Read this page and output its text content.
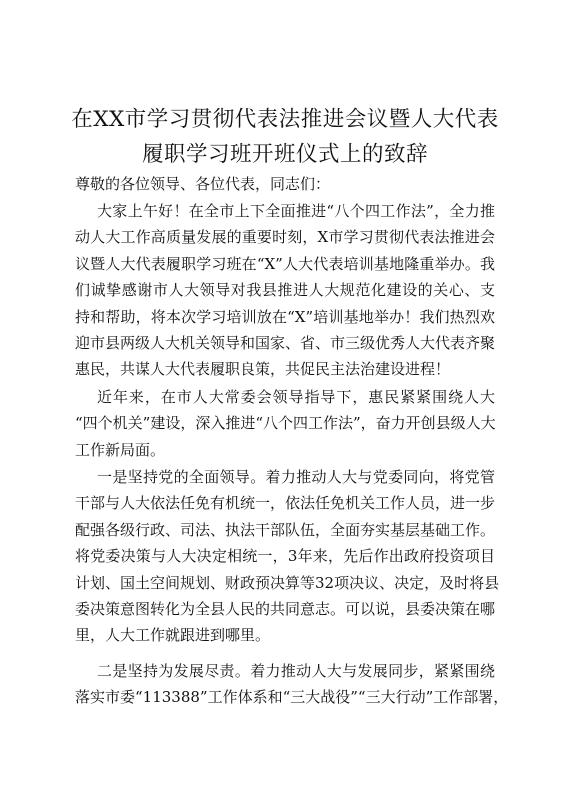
在XX市学习贯彻代表法推进会议暨人大代表
履职学习班开班仪式上的致辞
尊敬的各位领导、各位代表，同志们：
大家上午好！在全市上下全面推进“八个四工作法”，全力推
动人大工作高质量发展的重要时刻，X市学习贯彻代表法推进会
议暨人大代表履职学习班在“X”人大代表培训基地隆重举办。我
们诚挚感谢市人大领导对我县推进人大规范化建设的关心、支
持和帮助，将本次学习培训放在“X”培训基地举办！我们热烈欢
迎市县两级人大机关领导和国家、省、市三级优秀人大代表齐聚
惠民，共谋人大代表履职良策，共促民主法治建设进程！
近年来，在市人大常委会领导指导下，惠民紧紧围绕人大
“四个机关”建设，深入推进“八个四工作法”，奋力开创县级人大
工作新局面。
一是坚持党的全面领导。着力推动人大与党委同向，将党管
干部与人大依法任免有机统一，依法任免机关工作人员，进一步
配强各级行政、司法、执法干部队伍，全面夯实基层基础工作。
将党委决策与人大决定相统一，3年来，先后作出政府投资项目
计划、国土空间规划、财政预决算等32项决议、决定，及时将县
委决策意图转化为全县人民的共同意志。可以说，县委决策在哪
里，人大工作就跟进到哪里。
二是坚持为发展尽责。着力推动人大与发展同步，紧紧围绕
落实市委“113388”工作体系和“三大战役”“三大行动”工作部署，
